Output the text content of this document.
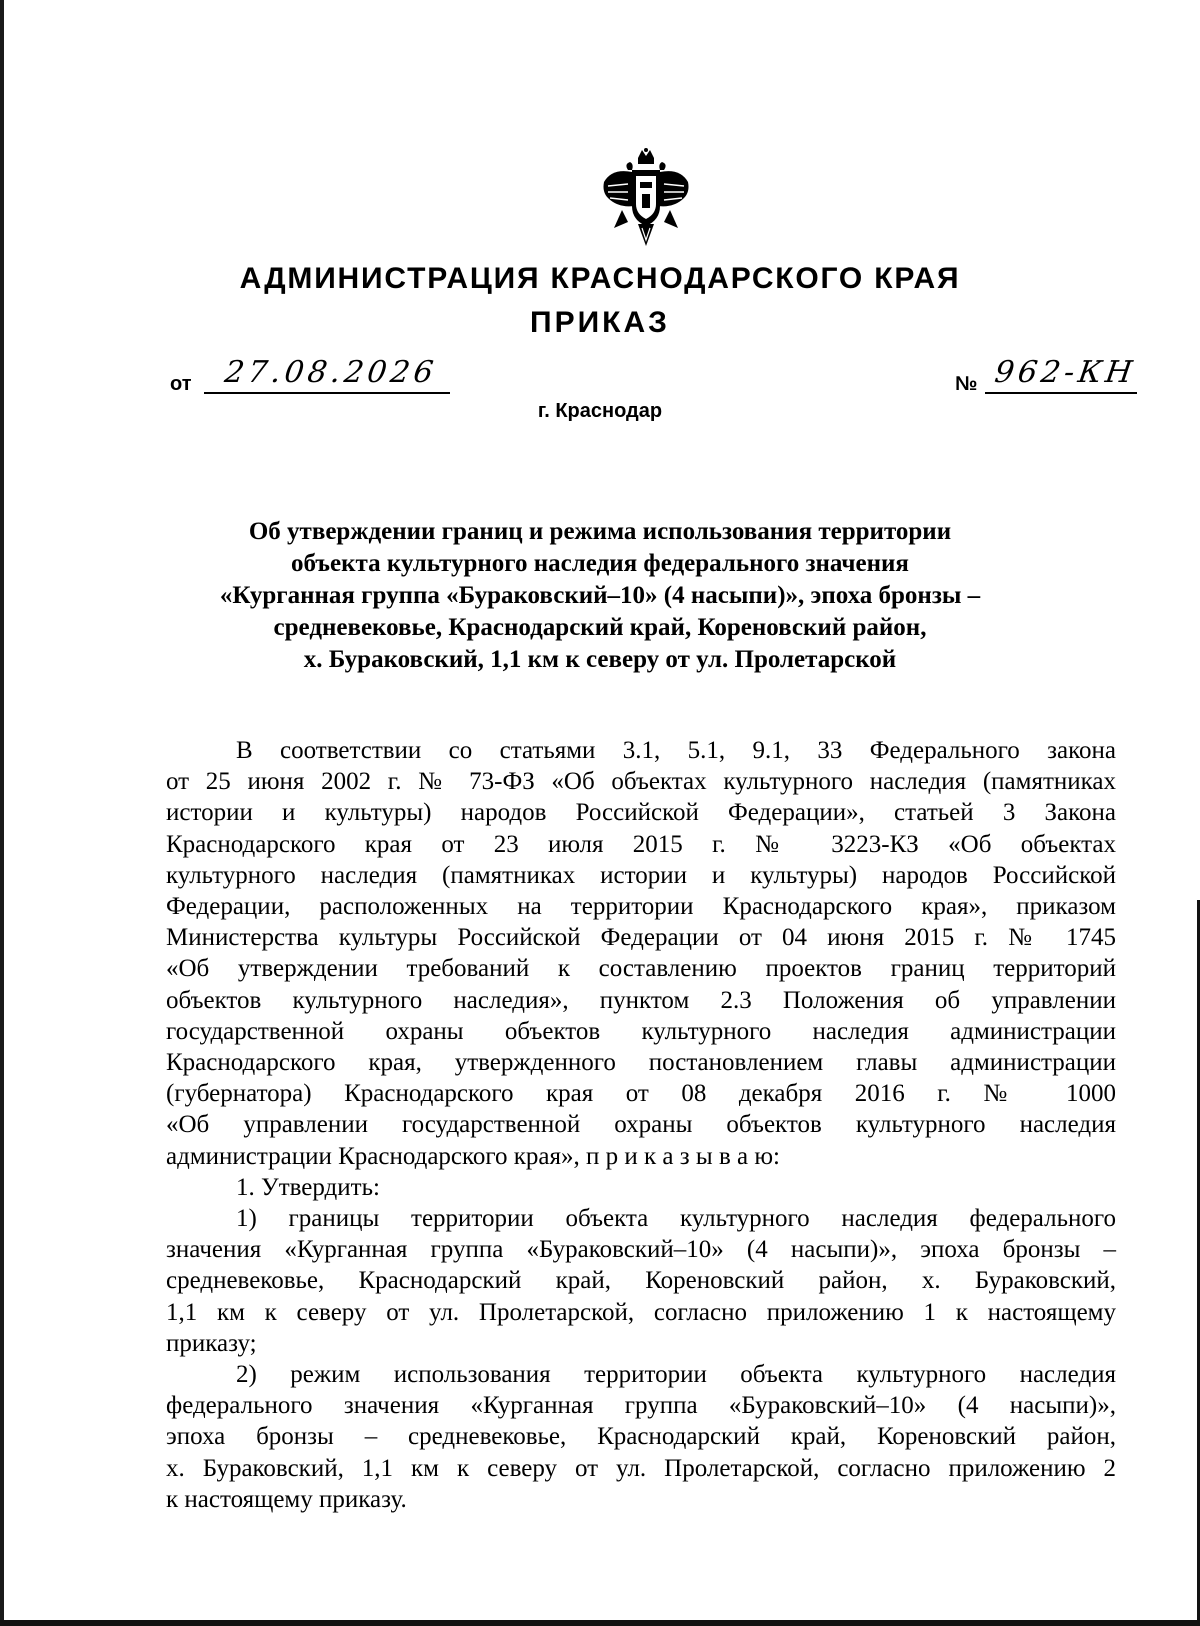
АДМИНИСТРАЦИЯ КРАСНОДАРСКОГО КРАЯ
ПРИКАЗ
от 27.08.2026	№ 962-КН
г. Краснодар
Об утверждении границ и режима использования территории
объекта культурного наследия федерального значения
«Курганная группа «Бураковский–10» (4 насыпи)», эпоха бронзы –
средневековье, Краснодарский край, Кореновский район,
х. Бураковский, 1,1 км к северу от ул. Пролетарской
В соответствии со статьями 3.1, 5.1, 9.1, 33 Федерального закона
от 25 июня 2002 г. № 73-ФЗ «Об объектах культурного наследия (памятниках
истории и культуры) народов Российской Федерации», статьей 3 Закона
Краснодарского края от 23 июля 2015 г. № 3223-КЗ «Об объектах
культурного наследия (памятниках истории и культуры) народов Российской
Федерации, расположенных на территории Краснодарского края», приказом
Министерства культуры Российской Федерации от 04 июня 2015 г. № 1745
«Об утверждении требований к составлению проектов границ территорий
объектов культурного наследия», пунктом 2.3 Положения об управлении
государственной охраны объектов культурного наследия администрации
Краснодарского края, утвержденного постановлением главы администрации
(губернатора) Краснодарского края от 08 декабря 2016 г. № 1000
«Об управлении государственной охраны объектов культурного наследия
администрации Краснодарского края», п р и к а з ы в а ю:
1. Утвердить:
1) границы территории объекта культурного наследия федерального
значения «Курганная группа «Бураковский–10» (4 насыпи)», эпоха бронзы –
средневековье, Краснодарский край, Кореновский район, х. Бураковский,
1,1 км к северу от ул. Пролетарской, согласно приложению 1 к настоящему
приказу;
2) режим использования территории объекта культурного наследия
федерального значения «Курганная группа «Бураковский–10» (4 насыпи)»,
эпоха бронзы – средневековье, Краснодарский край, Кореновский район,
х. Бураковский, 1,1 км к северу от ул. Пролетарской, согласно приложению 2
к настоящему приказу.
